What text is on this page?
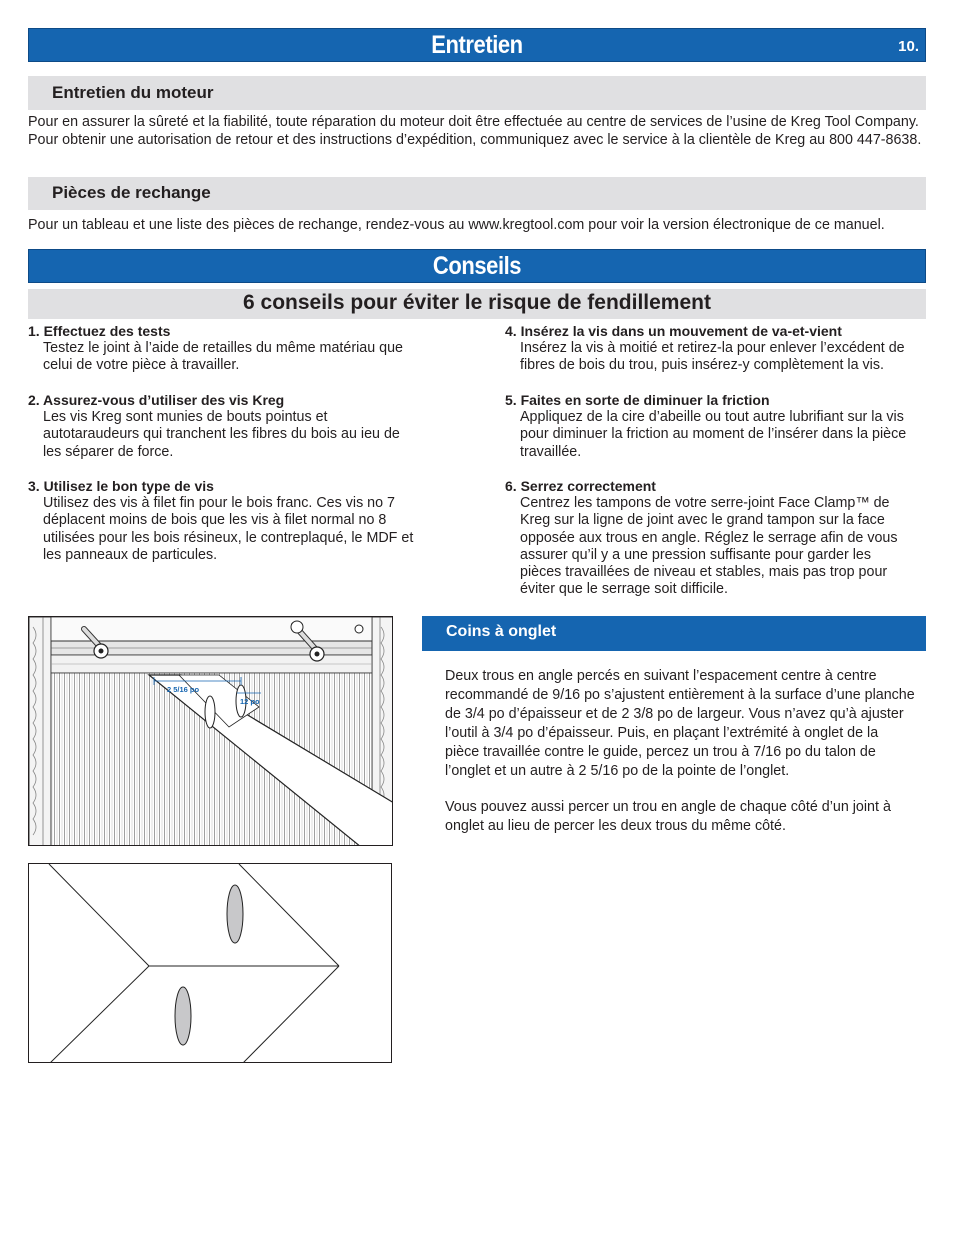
Entretien	10.
Entretien du moteur
Pour en assurer la sûreté et la fiabilité, toute réparation du moteur doit être effectuée au centre de services de l’usine de Kreg Tool Company. Pour obtenir une autorisation de retour et des instructions d’expédition, communiquez avec le service à la clientèle de Kreg au 800 447-8638.
Pièces de rechange
Pour un tableau et une liste des pièces de rechange, rendez-vous au www.kregtool.com pour voir la version électronique de ce manuel.
Conseils
6 conseils pour éviter le risque de fendillement
1. Effectuez des tests
Testez le joint à l’aide de retailles du même matériau que celui de votre pièce à travailler.
2. Assurez-vous d’utiliser des vis Kreg
Les vis Kreg sont munies de bouts pointus et autotaraudeurs qui tranchent les fibres du bois au ieu de les séparer de force.
3. Utilisez le bon type de vis
Utilisez des vis à filet fin pour le bois franc. Ces vis no 7 déplacent moins de bois que les vis à filet normal no 8 utilisées pour les bois résineux, le contreplaqué, le MDF et les panneaux de particules.
4. Insérez la vis dans un mouvement de va-et-vient
Insérez la vis à moitié et retirez-la pour enlever l’excédent de fibres de bois du trou, puis insérez-y complètement la vis.
5. Faites en sorte de diminuer la friction
Appliquez de la cire d’abeille ou tout autre lubrifiant sur la vis pour diminuer la friction au moment de l’insérer dans la pièce travaillée.
6. Serrez correctement
Centrez les tampons de votre serre-joint Face Clamp™ de Kreg sur la ligne de joint avec le grand tampon sur la face opposée aux trous en angle. Réglez le serrage afin de vous assurer qu’il y a une pression suffisante pour garder les pièces travaillées de niveau et stables, mais pas trop pour éviter que le serrage soit difficile.
2 5/16 po
12 po
Coins à onglet
Deux trous en angle percés en suivant l’espacement centre à centre recommandé de 9/16 po s’ajustent entièrement à la surface d’une planche de 3/4 po d’épaisseur et de 2 3/8 po de largeur. Vous n’avez qu’à ajuster l’outil à 3/4 po d’épaisseur. Puis, en plaçant l’extrémité à onglet de la pièce travaillée contre le guide, percez un trou à 7/16 po du talon de l’onglet et un autre à 2 5/16 po de la pointe de l’onglet.
Vous pouvez aussi percer un trou en angle de chaque côté d’un joint à onglet au lieu de percer les deux trous du même côté.
